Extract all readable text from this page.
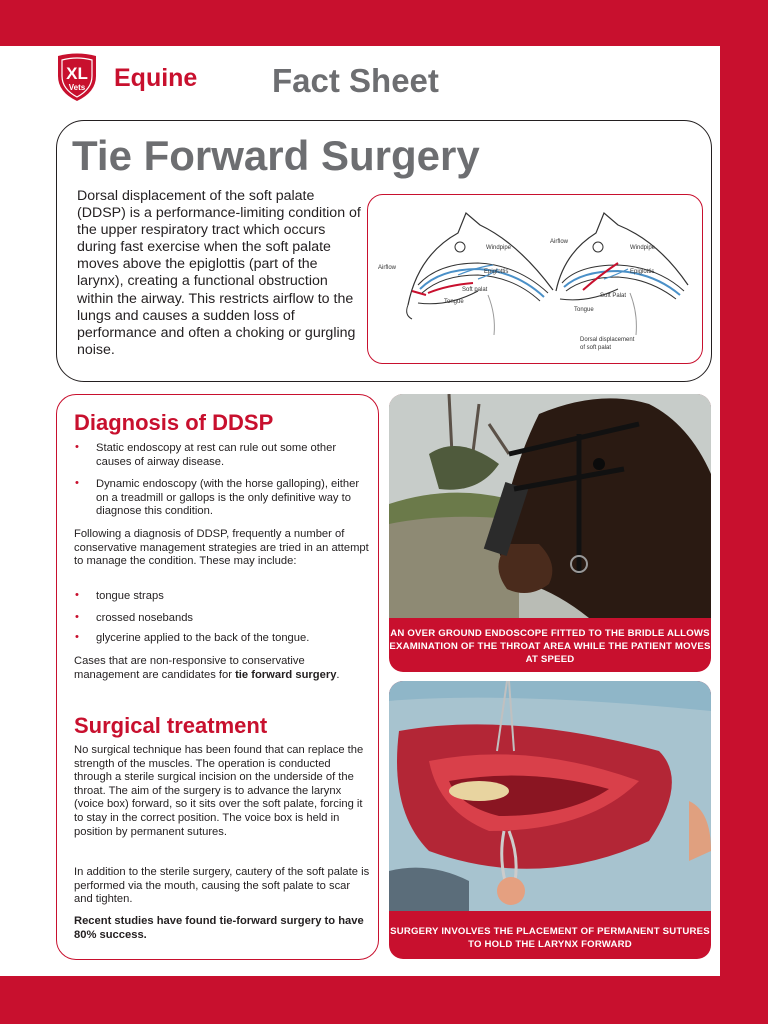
XL
Vets Equine Fact Sheet
Tie Forward Surgery

Dorsal displacement of the soft palate (DDSP) is a performance-limiting condition of the upper respiratory tract which occurs during fast exercise when the soft palate moves above the epiglottis (part of the larynx), creating a functional obstruction within the airway. This restricts airflow to the lungs and causes a sudden loss of performance and often a choking or gurgling noise.

Airflow
Windpipe
Epiglottis
Soft palat
Tongue
Airflow
Windpipe
Epiglottis
Soft Palat
Tongue
Dorsal displacement
of soft palat
Diagnosis of DDSP
• Static endoscopy at rest can rule out some other causes of airway disease.

• Dynamic endoscopy (with the horse galloping), either on a treadmill or gallops is the only definitive way to diagnose this condition.

Following a diagnosis of DDSP, frequently a number of conservative management strategies are tried in an attempt to manage the condition. These may include:

• tongue straps

• crossed nosebands

• glycerine applied to the back of the tongue.

Cases that are non-responsive to conservative management are candidates for tie forward surgery.

Surgical treatment

No surgical technique has been found that can replace the strength of the muscles. The operation is conducted through a sterile surgical incision on the underside of the throat. The aim of the surgery is to advance the larynx (voice box) forward, so it sits over the soft palate, forcing it to stay in the correct position. The voice box is held in position by permanent sutures.

In addition to the sterile surgery, cautery of the soft palate is performed via the mouth, causing the soft palate to scar and tighten.

Recent studies have found tie-forward surgery to have 80% success.

AN OVER GROUND ENDOSCOPE FITTED TO THE BRIDLE ALLOWS EXAMINATION OF THE THROAT AREA WHILE THE PATIENT MOVES AT SPEED
SURGERY INVOLVES THE PLACEMENT OF PERMANENT SUTURES TO HOLD THE LARYNX FORWARD
